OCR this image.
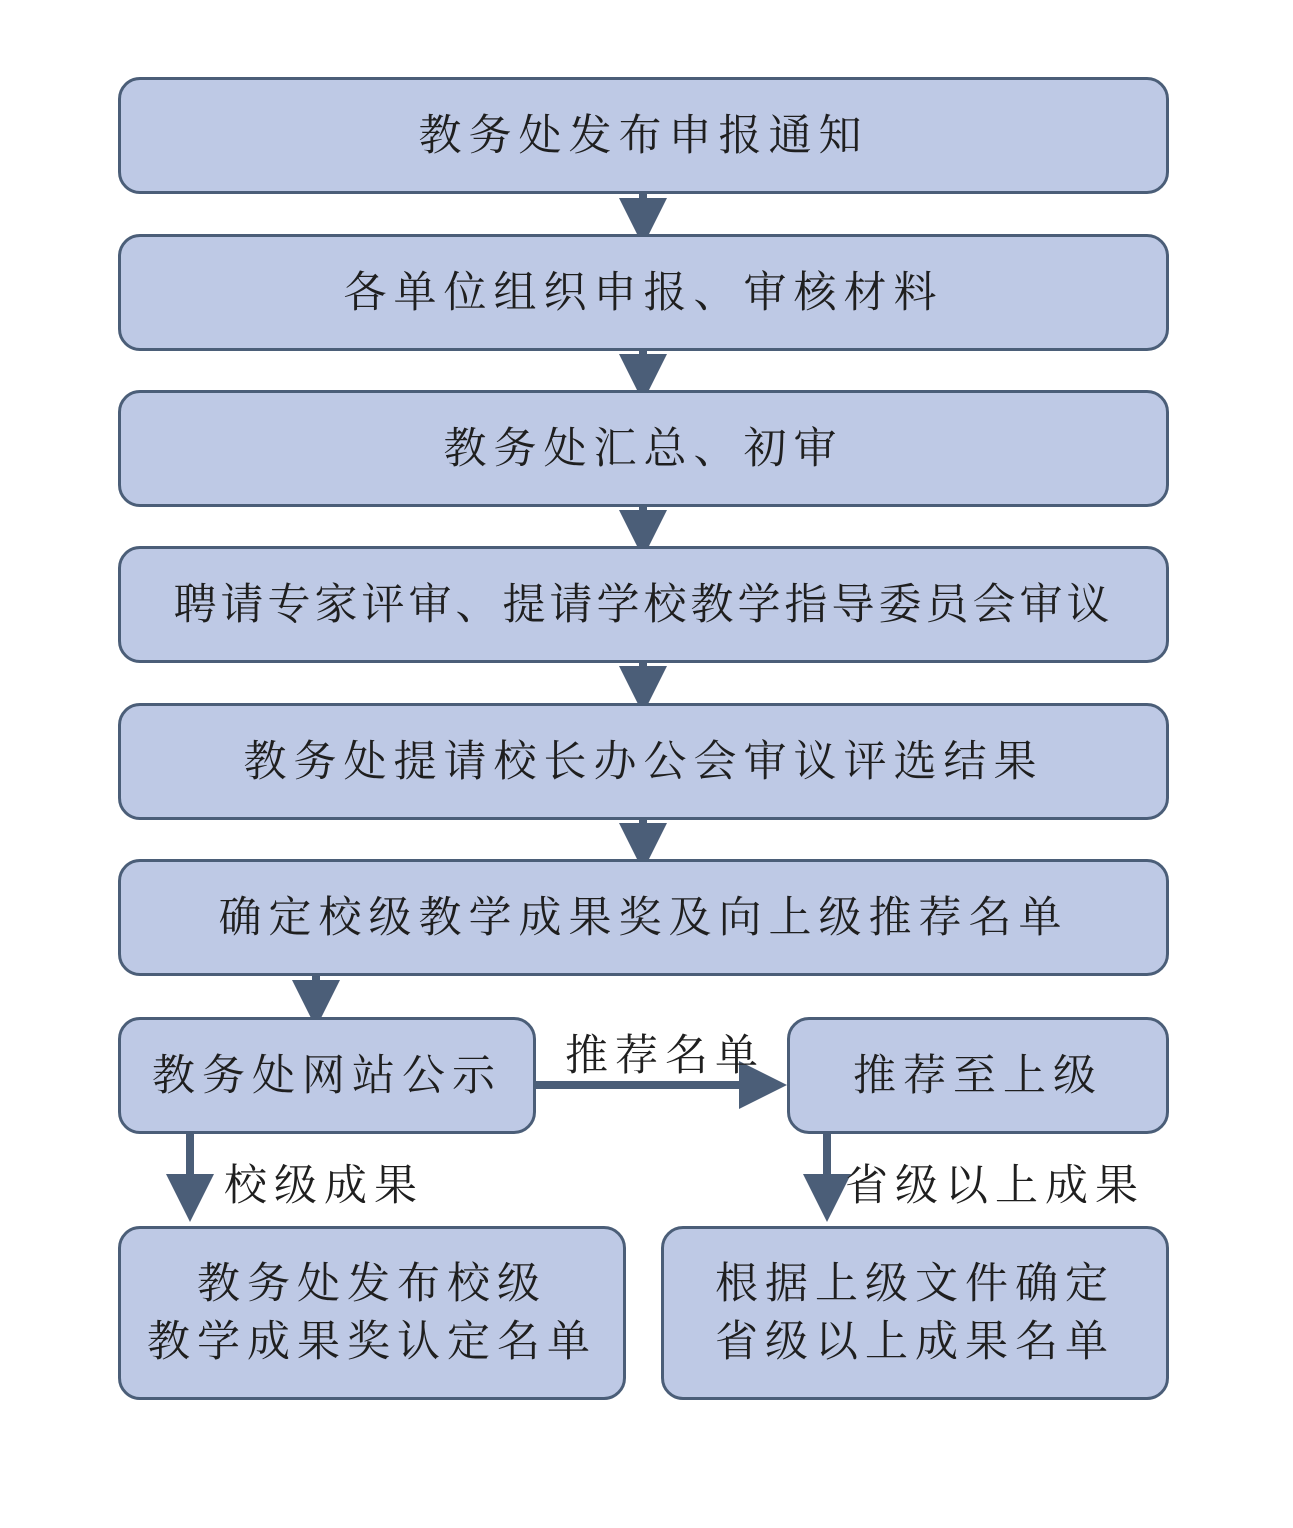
教务处发布申报通知
各单位组织申报、审核材料
教务处汇总、初审
聘请专家评审、提请学校教学指导委员会审议
教务处提请校长办公会审议评选结果
确定校级教学成果奖及向上级推荐名单
教务处网站公示	推荐至上级
教务处发布校级
教学成果奖认定名单
根据上级文件确定
省级以上成果名单
推荐名单
校级成果	省级以上成果
